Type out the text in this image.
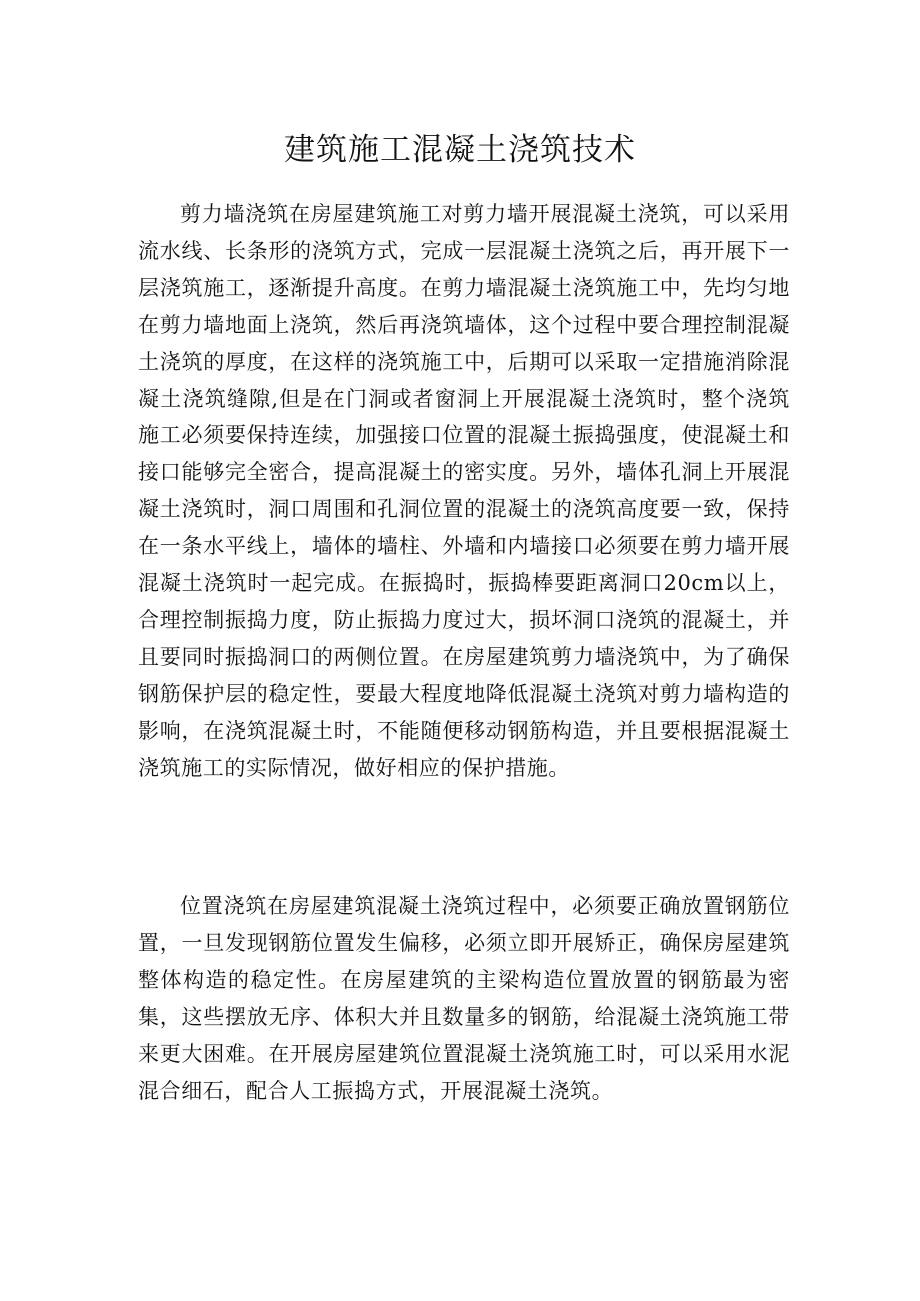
建筑施工混凝土浇筑技术

剪力墙浇筑在房屋建筑施工对剪力墙开展混凝土浇筑，可以采用流水线、长条形的浇筑方式，完成一层混凝土浇筑之后，再开展下一层浇筑施工，逐渐提升高度。在剪力墙混凝土浇筑施工中，先均匀地在剪力墙地面上浇筑，然后再浇筑墙体，这个过程中要合理控制混凝土浇筑的厚度，在这样的浇筑施工中，后期可以采取一定措施消除混凝土浇筑缝隙,但是在门洞或者窗洞上开展混凝土浇筑时，整个浇筑施工必须要保持连续，加强接口位置的混凝土振捣强度，使混凝土和接口能够完全密合，提高混凝土的密实度。另外，墙体孔洞上开展混凝土浇筑时，洞口周围和孔洞位置的混凝土的浇筑高度要一致，保持在一条水平线上，墙体的墙柱、外墙和内墙接口必须要在剪力墙开展混凝土浇筑时一起完成。在振捣时，振捣棒要距离洞口20cm以上，合理控制振捣力度，防止振捣力度过大，损坏洞口浇筑的混凝土，并且要同时振捣洞口的两侧位置。在房屋建筑剪力墙浇筑中，为了确保钢筋保护层的稳定性，要最大程度地降低混凝土浇筑对剪力墙构造的影响，在浇筑混凝土时，不能随便移动钢筋构造，并且要根据混凝土浇筑施工的实际情况，做好相应的保护措施。

位置浇筑在房屋建筑混凝土浇筑过程中，必须要正确放置钢筋位置，一旦发现钢筋位置发生偏移，必须立即开展矫正，确保房屋建筑整体构造的稳定性。在房屋建筑的主梁构造位置放置的钢筋最为密集，这些摆放无序、体积大并且数量多的钢筋，给混凝土浇筑施工带来更大困难。在开展房屋建筑位置混凝土浇筑施工时，可以采用水泥混合细石，配合人工振捣方式，开展混凝土浇筑。
